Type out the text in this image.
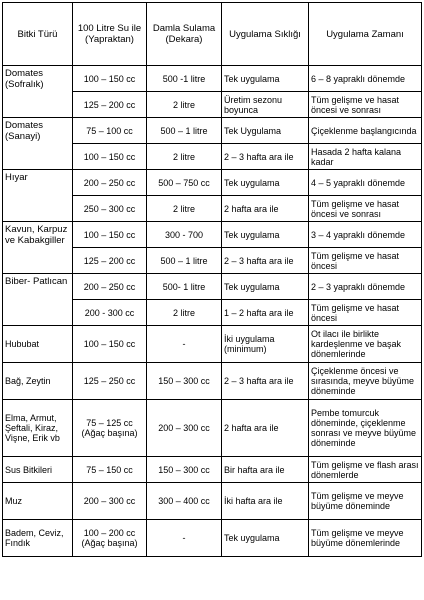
Bitki Türü	100 Litre Su ile (Yapraktan)	Damla Sulama (Dekara)	Uygulama Sıklığı	Uygulama Zamanı
Domates (Sofralık)	100 – 150 cc	500 -1 litre	Tek uygulama	6 – 8 yapraklı dönemde
	125 – 200 cc	2 litre	Üretim sezonu boyunca	Tüm gelişme ve hasat öncesi ve sonrası
Domates (Sanayi)	75 – 100 cc	500 – 1 litre	Tek Uygulama	Çiçeklenme başlangıcında
	100 – 150 cc	2 litre	2 – 3 hafta ara ile	Hasada 2 hafta kalana kadar
Hıyar	200 – 250 cc	500 – 750 cc	Tek uygulama	4 – 5 yapraklı dönemde
	250 – 300 cc	2 litre	2 hafta ara ile	Tüm gelişme ve hasat öncesi ve sonrası
Kavun, Karpuz ve Kabakgiller	100 – 150 cc	300 - 700	Tek uygulama	3 – 4 yapraklı dönemde
	125 – 200 cc	500 – 1 litre	2 – 3 hafta ara ile	Tüm gelişme ve hasat öncesi
Biber- Patlıcan	200 – 250 cc	500- 1 litre	Tek uygulama	2 – 3 yapraklı dönemde
	200 - 300 cc	2 litre	1 – 2 hafta ara ile	Tüm gelişme ve hasat öncesi
Hububat	100 – 150 cc	-	İki uygulama (minimum)	Ot ilacı ile birlikte kardeşlenme ve başak dönemlerinde
Bağ, Zeytin	125 – 250 cc	150 – 300 cc	2 – 3 hafta ara ile	Çiçeklenme öncesi ve sırasında, meyve büyüme döneminde
Elma, Armut, Şeftali, Kiraz, Vişne, Erik vb	75 – 125 cc (Ağaç başına)	200 – 300 cc	2 hafta ara ile	Pembe tomurcuk döneminde, çiçeklenme sonrası ve meyve büyüme döneminde
Sus Bitkileri	75 – 150 cc	150 – 300 cc	Bir hafta ara ile	Tüm gelişme ve flash arası dönemlerde
Muz	200 – 300 cc	300 – 400 cc	İki hafta ara ile	Tüm gelişme ve meyve büyüme döneminde
Badem, Ceviz, Fındık	100 – 200 cc (Ağaç başına)	-	Tek uygulama	Tüm gelişme ve meyve büyüme dönemlerinde
